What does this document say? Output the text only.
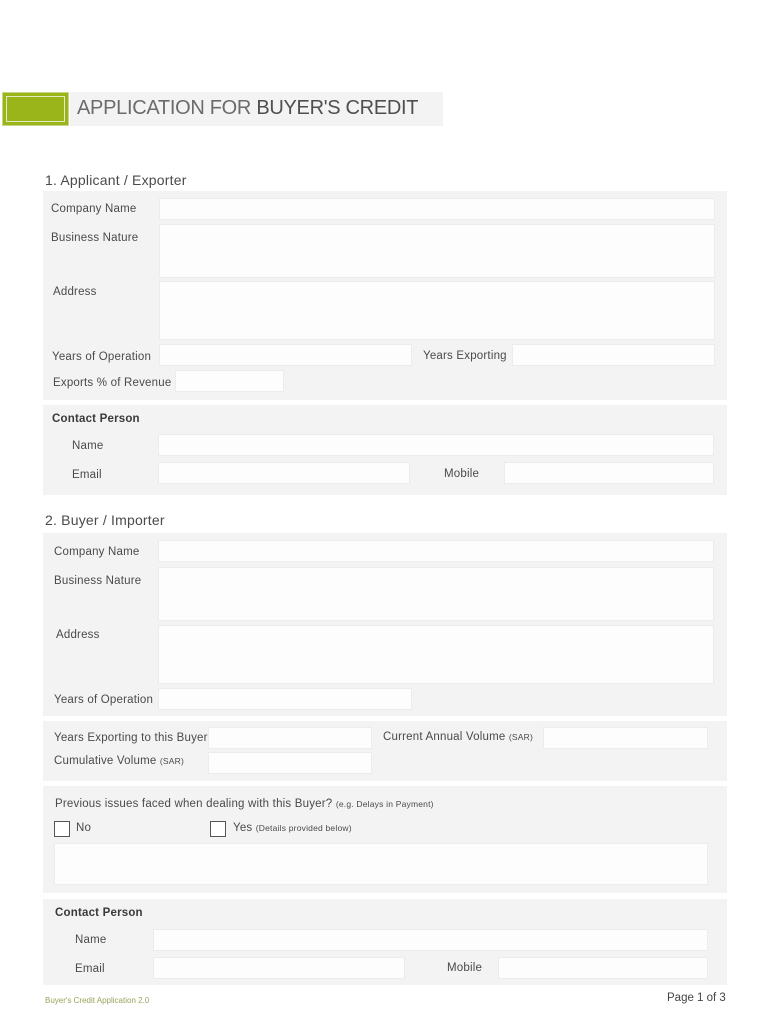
APPLICATION FOR BUYER'S CREDIT
1. Applicant / Exporter
Company Name
Business Nature
Address
Years of Operation	Years Exporting
Exports % of Revenue
Contact Person
Name
Email	Mobile
2. Buyer / Importer
Company Name
Business Nature
Address
Years of Operation
Years Exporting to this Buyer	Current Annual Volume (SAR)
Cumulative Volume (SAR)
Previous issues faced when dealing with this Buyer? (e.g. Delays in Payment)
No	Yes (Details provided below)
Contact Person
Name
Email	Mobile
Buyer's Credit Application 2.0	Page 1 of 3
